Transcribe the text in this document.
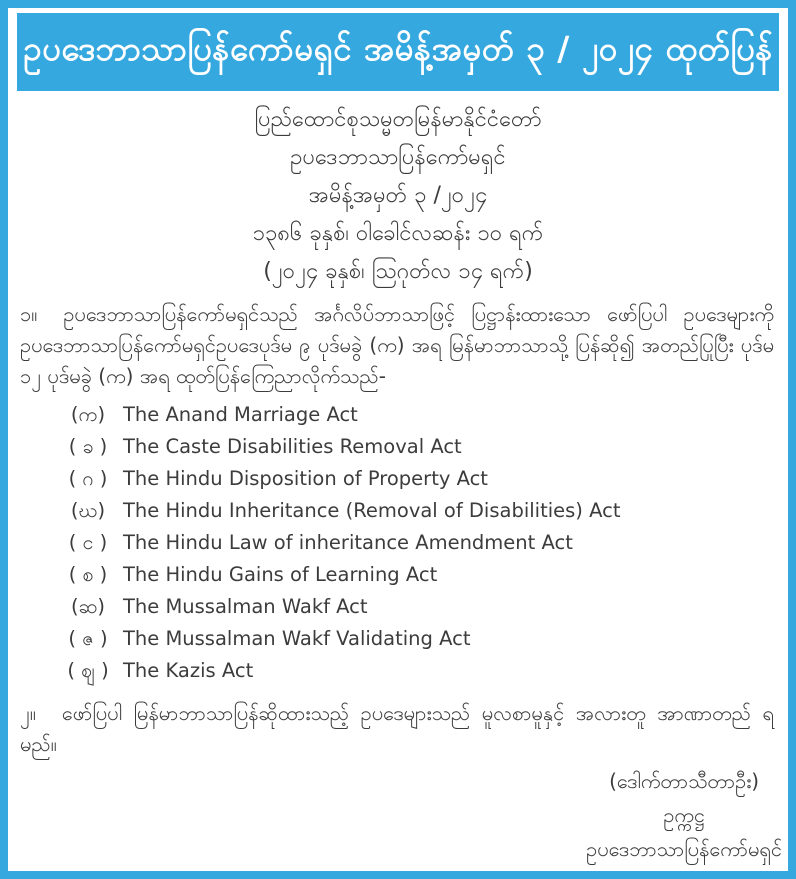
ဥပဒေဘာသာပြန်ကော်မရှင် အမိန့်အမှတ် ၃ / ၂၀၂၄ ထုတ်ပြန်
ပြည်ထောင်စုသမ္မတမြန်မာနိုင်ငံတော်
ဥပဒေဘာသာပြန်ကော်မရှင်
အမိန့်အမှတ် ၃ /၂၀၂၄
၁၃၈၆ ခုနှစ်၊ ဝါခေါင်လဆန်း ၁၀ ရက်
(၂၀၂၄ ခုနှစ်၊ သြဂုတ်လ ၁၄ ရက်)

၁။ ဥပဒေဘာသာပြန်ကော်မရှင်သည် အင်္ဂလိပ်ဘာသာဖြင့် ပြဋ္ဌာန်းထားသော ဖော်ပြပါ ဥပဒေများကို ဥပဒေဘာသာပြန်ကော်မရှင်ဥပဒေပုဒ်မ ၉ ပုဒ်မခွဲ (က) အရ မြန်မာဘာသာသို့ ပြန်ဆို၍ အတည်ပြုပြီး ပုဒ်မ ၁၂ ပုဒ်မခွဲ (က) အရ ထုတ်ပြန်ကြေညာလိုက်သည်-

(က) The Anand Marriage Act
( ခ ) The Caste Disabilities Removal Act
( ဂ ) The Hindu Disposition of Property Act
(ဃ) The Hindu Inheritance (Removal of Disabilities) Act
( င ) The Hindu Law of inheritance Amendment Act
( စ ) The Hindu Gains of Learning Act
(ဆ) The Mussalman Wakf Act
( ဇ ) The Mussalman Wakf Validating Act
( ဈ ) The Kazis Act

၂။ ဖော်ပြပါ မြန်မာဘာသာပြန်ဆိုထားသည့် ဥပဒေများသည် မူလစာမူနှင့် အလားတူ အာဏာတည် ရမည်။

(ဒေါက်တာသီတာဦး)
ဥက္ကဋ္ဌ
ဥပဒေဘာသာပြန်ကော်မရှင်
